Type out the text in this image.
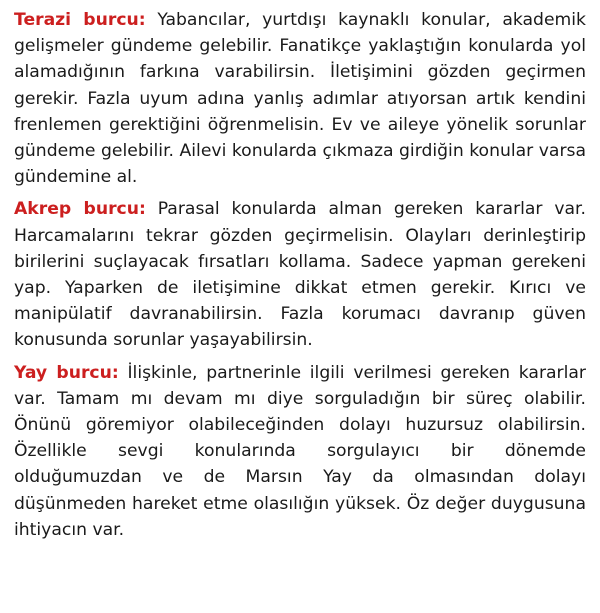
Terazi burcu: Yabancılar, yurtdışı kaynaklı konular, akademik gelişmeler gündeme gelebilir. Fanatikçe yaklaştığın konularda yol alamadığının farkına varabilirsin. İletişimini gözden geçirmen gerekir. Fazla uyum adına yanlış adımlar atıyorsan artık kendini frenlemen gerektiğini öğrenmelisin. Ev ve aileye yönelik sorunlar gündeme gelebilir. Ailevi konularda çıkmaza girdiğin konular varsa gündemine al.

Akrep burcu: Parasal konularda alman gereken kararlar var. Harcamalarını tekrar gözden geçirmelisin. Olayları derinleştirip birilerini suçlayacak fırsatları kollama. Sadece yapman gerekeni yap. Yaparken de iletişimine dikkat etmen gerekir. Kırıcı ve manipülatif davranabilirsin. Fazla korumacı davranıp güven konusunda sorunlar yaşayabilirsin.

Yay burcu: İlişkinle, partnerinle ilgili verilmesi gereken kararlar var. Tamam mı devam mı diye sorguladığın bir süreç olabilir. Önünü göremiyor olabileceğinden dolayı huzursuz olabilirsin. Özellikle sevgi konularında sorgulayıcı bir dönemde olduğumuzdan ve de Marsın Yay da olmasından dolayı düşünmeden hareket etme olasılığın yüksek. Öz değer duygusuna ihtiyacın var.
